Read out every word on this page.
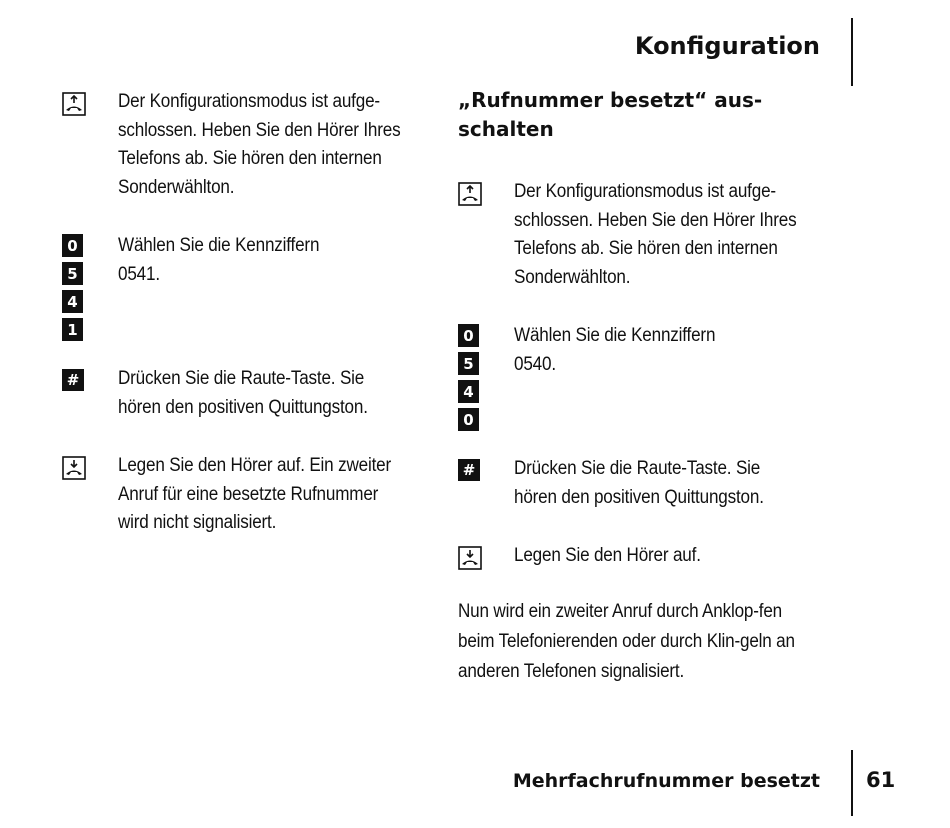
Konfiguration
Der Konfigurationsmodus ist aufge-schlossen. Heben Sie den Hörer Ihres Telefons ab. Sie hören den internen Sonderwählton.
0
5
4
1
Wählen Sie die Kennziffern 0541.
# Drücken Sie die Raute-Taste. Sie hören den positiven Quittungston.
Legen Sie den Hörer auf. Ein zweiter Anruf für eine besetzte Rufnummer wird nicht signalisiert.
„Rufnummer besetzt“ aus-schalten
Der Konfigurationsmodus ist aufge-schlossen. Heben Sie den Hörer Ihres Telefons ab. Sie hören den internen Sonderwählton.
0
5
4
0
Wählen Sie die Kennziffern 0540.
# Drücken Sie die Raute-Taste. Sie hören den positiven Quittungston.
Legen Sie den Hörer auf.
Nun wird ein zweiter Anruf durch Anklop-fen beim Telefonierenden oder durch Klin-geln an anderen Telefonen signalisiert.
Mehrfachrufnummer besetzt 61
